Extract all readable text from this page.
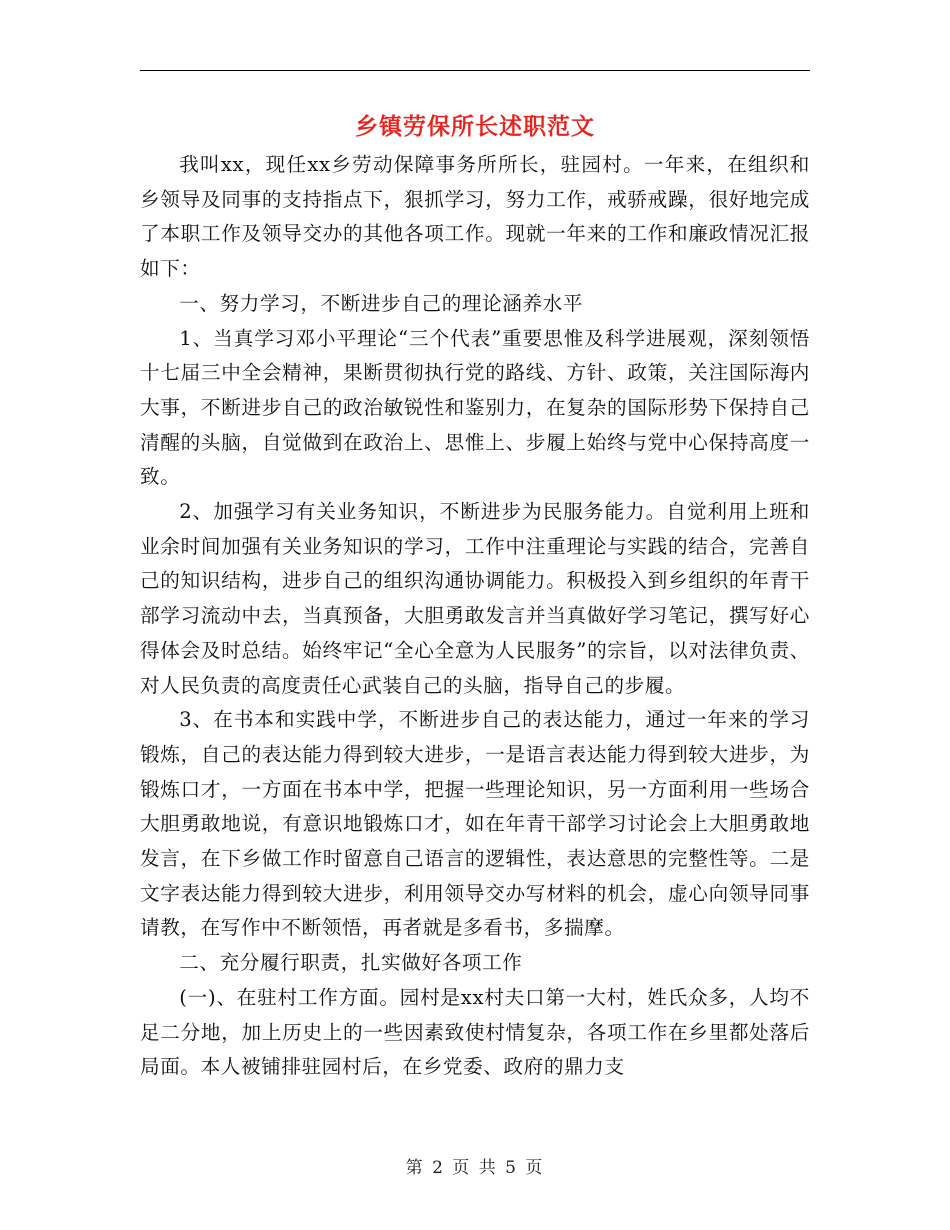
乡镇劳保所长述职范文

我叫xx，现任xx乡劳动保障事务所所长，驻园村。一年来，在组织和乡领导及同事的支持指点下，狠抓学习，努力工作，戒骄戒躁，很好地完成了本职工作及领导交办的其他各项工作。现就一年来的工作和廉政情况汇报如下：

一、努力学习，不断进步自己的理论涵养水平

1、当真学习邓小平理论“三个代表”重要思惟及科学进展观，深刻领悟十七届三中全会精神，果断贯彻执行党的路线、方针、政策，关注国际海内大事，不断进步自己的政治敏锐性和鉴别力，在复杂的国际形势下保持自己清醒的头脑，自觉做到在政治上、思惟上、步履上始终与党中心保持高度一致。

2、加强学习有关业务知识，不断进步为民服务能力。自觉利用上班和业余时间加强有关业务知识的学习，工作中注重理论与实践的结合，完善自己的知识结构，进步自己的组织沟通协调能力。积极投入到乡组织的年青干部学习流动中去，当真预备，大胆勇敢发言并当真做好学习笔记，撰写好心得体会及时总结。始终牢记“全心全意为人民服务”的宗旨，以对法律负责、对人民负责的高度责任心武装自己的头脑，指导自己的步履。

3、在书本和实践中学，不断进步自己的表达能力，通过一年来的学习锻炼，自己的表达能力得到较大进步，一是语言表达能力得到较大进步，为锻炼口才，一方面在书本中学，把握一些理论知识，另一方面利用一些场合大胆勇敢地说，有意识地锻炼口才，如在年青干部学习讨论会上大胆勇敢地发言，在下乡做工作时留意自己语言的逻辑性，表达意思的完整性等。二是文字表达能力得到较大进步，利用领导交办写材料的机会，虚心向领导同事请教，在写作中不断领悟，再者就是多看书，多揣摩。

二、充分履行职责，扎实做好各项工作

(一)、在驻村工作方面。园村是xx村夫口第一大村，姓氏众多，人均不足二分地，加上历史上的一些因素致使村情复杂，各项工作在乡里都处落后局面。本人被铺排驻园村后，在乡党委、政府的鼎力支

第 2 页 共 5 页
